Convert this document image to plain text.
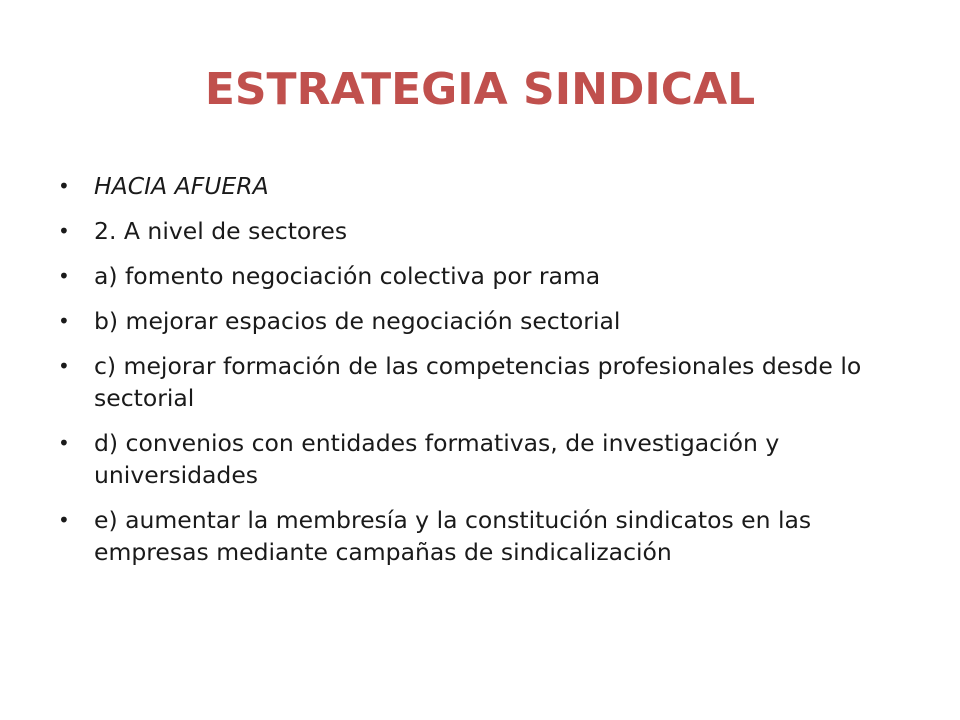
ESTRATEGIA SINDICAL
•	HACIA AFUERA
•	2. A nivel de sectores
•	a) fomento negociación colectiva por rama
•	b) mejorar espacios de negociación sectorial
•	c) mejorar formación de las competencias profesionales desde lo sectorial
•	d) convenios con entidades formativas, de investigación y universidades
•	e) aumentar la membresía y la constitución sindicatos en las empresas mediante campañas de sindicalización
